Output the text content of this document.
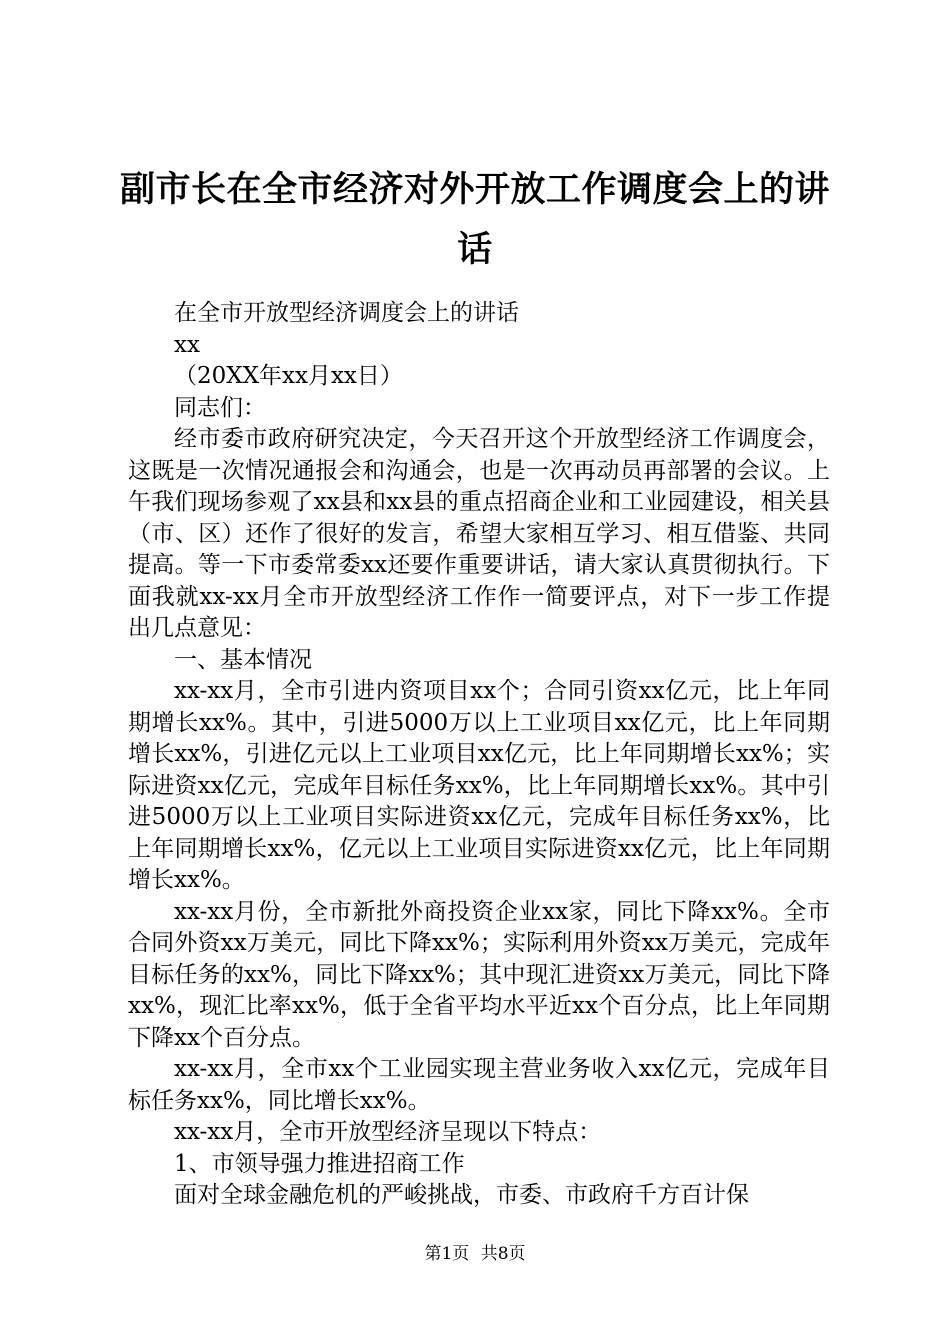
副市长在全市经济对外开放工作调度会上的讲话

在全市开放型经济调度会上的讲话

xx

（20XX年xx月xx日）

同志们：

经市委市政府研究决定，今天召开这个开放型经济工作调度会，这既是一次情况通报会和沟通会，也是一次再动员再部署的会议。上午我们现场参观了xx县和xx县的重点招商企业和工业园建设，相关县（市、区）还作了很好的发言，希望大家相互学习、相互借鉴、共同提高。等一下市委常委xx还要作重要讲话，请大家认真贯彻执行。下面我就xx-xx月全市开放型经济工作作一简要评点，对下一步工作提出几点意见：

一、基本情况

xx-xx月，全市引进内资项目xx个；合同引资xx亿元，比上年同期增长xx%。其中，引进5000万以上工业项目xx亿元，比上年同期增长xx%，引进亿元以上工业项目xx亿元，比上年同期增长xx%；实际进资xx亿元，完成年目标任务xx%，比上年同期增长xx%。其中引进5000万以上工业项目实际进资xx亿元，完成年目标任务xx%，比上年同期增长xx%，亿元以上工业项目实际进资xx亿元，比上年同期增长xx%。

xx-xx月份，全市新批外商投资企业xx家，同比下降xx%。全市合同外资xx万美元，同比下降xx%；实际利用外资xx万美元，完成年目标任务的xx%，同比下降xx%；其中现汇进资xx万美元，同比下降xx%，现汇比率xx%，低于全省平均水平近xx个百分点，比上年同期下降xx个百分点。

xx-xx月，全市xx个工业园实现主营业务收入xx亿元，完成年目标任务xx%，同比增长xx%。

xx-xx月，全市开放型经济呈现以下特点：

1、市领导强力推进招商工作

面对全球金融危机的严峻挑战，市委、市政府千方百计保

第1页 共8页
